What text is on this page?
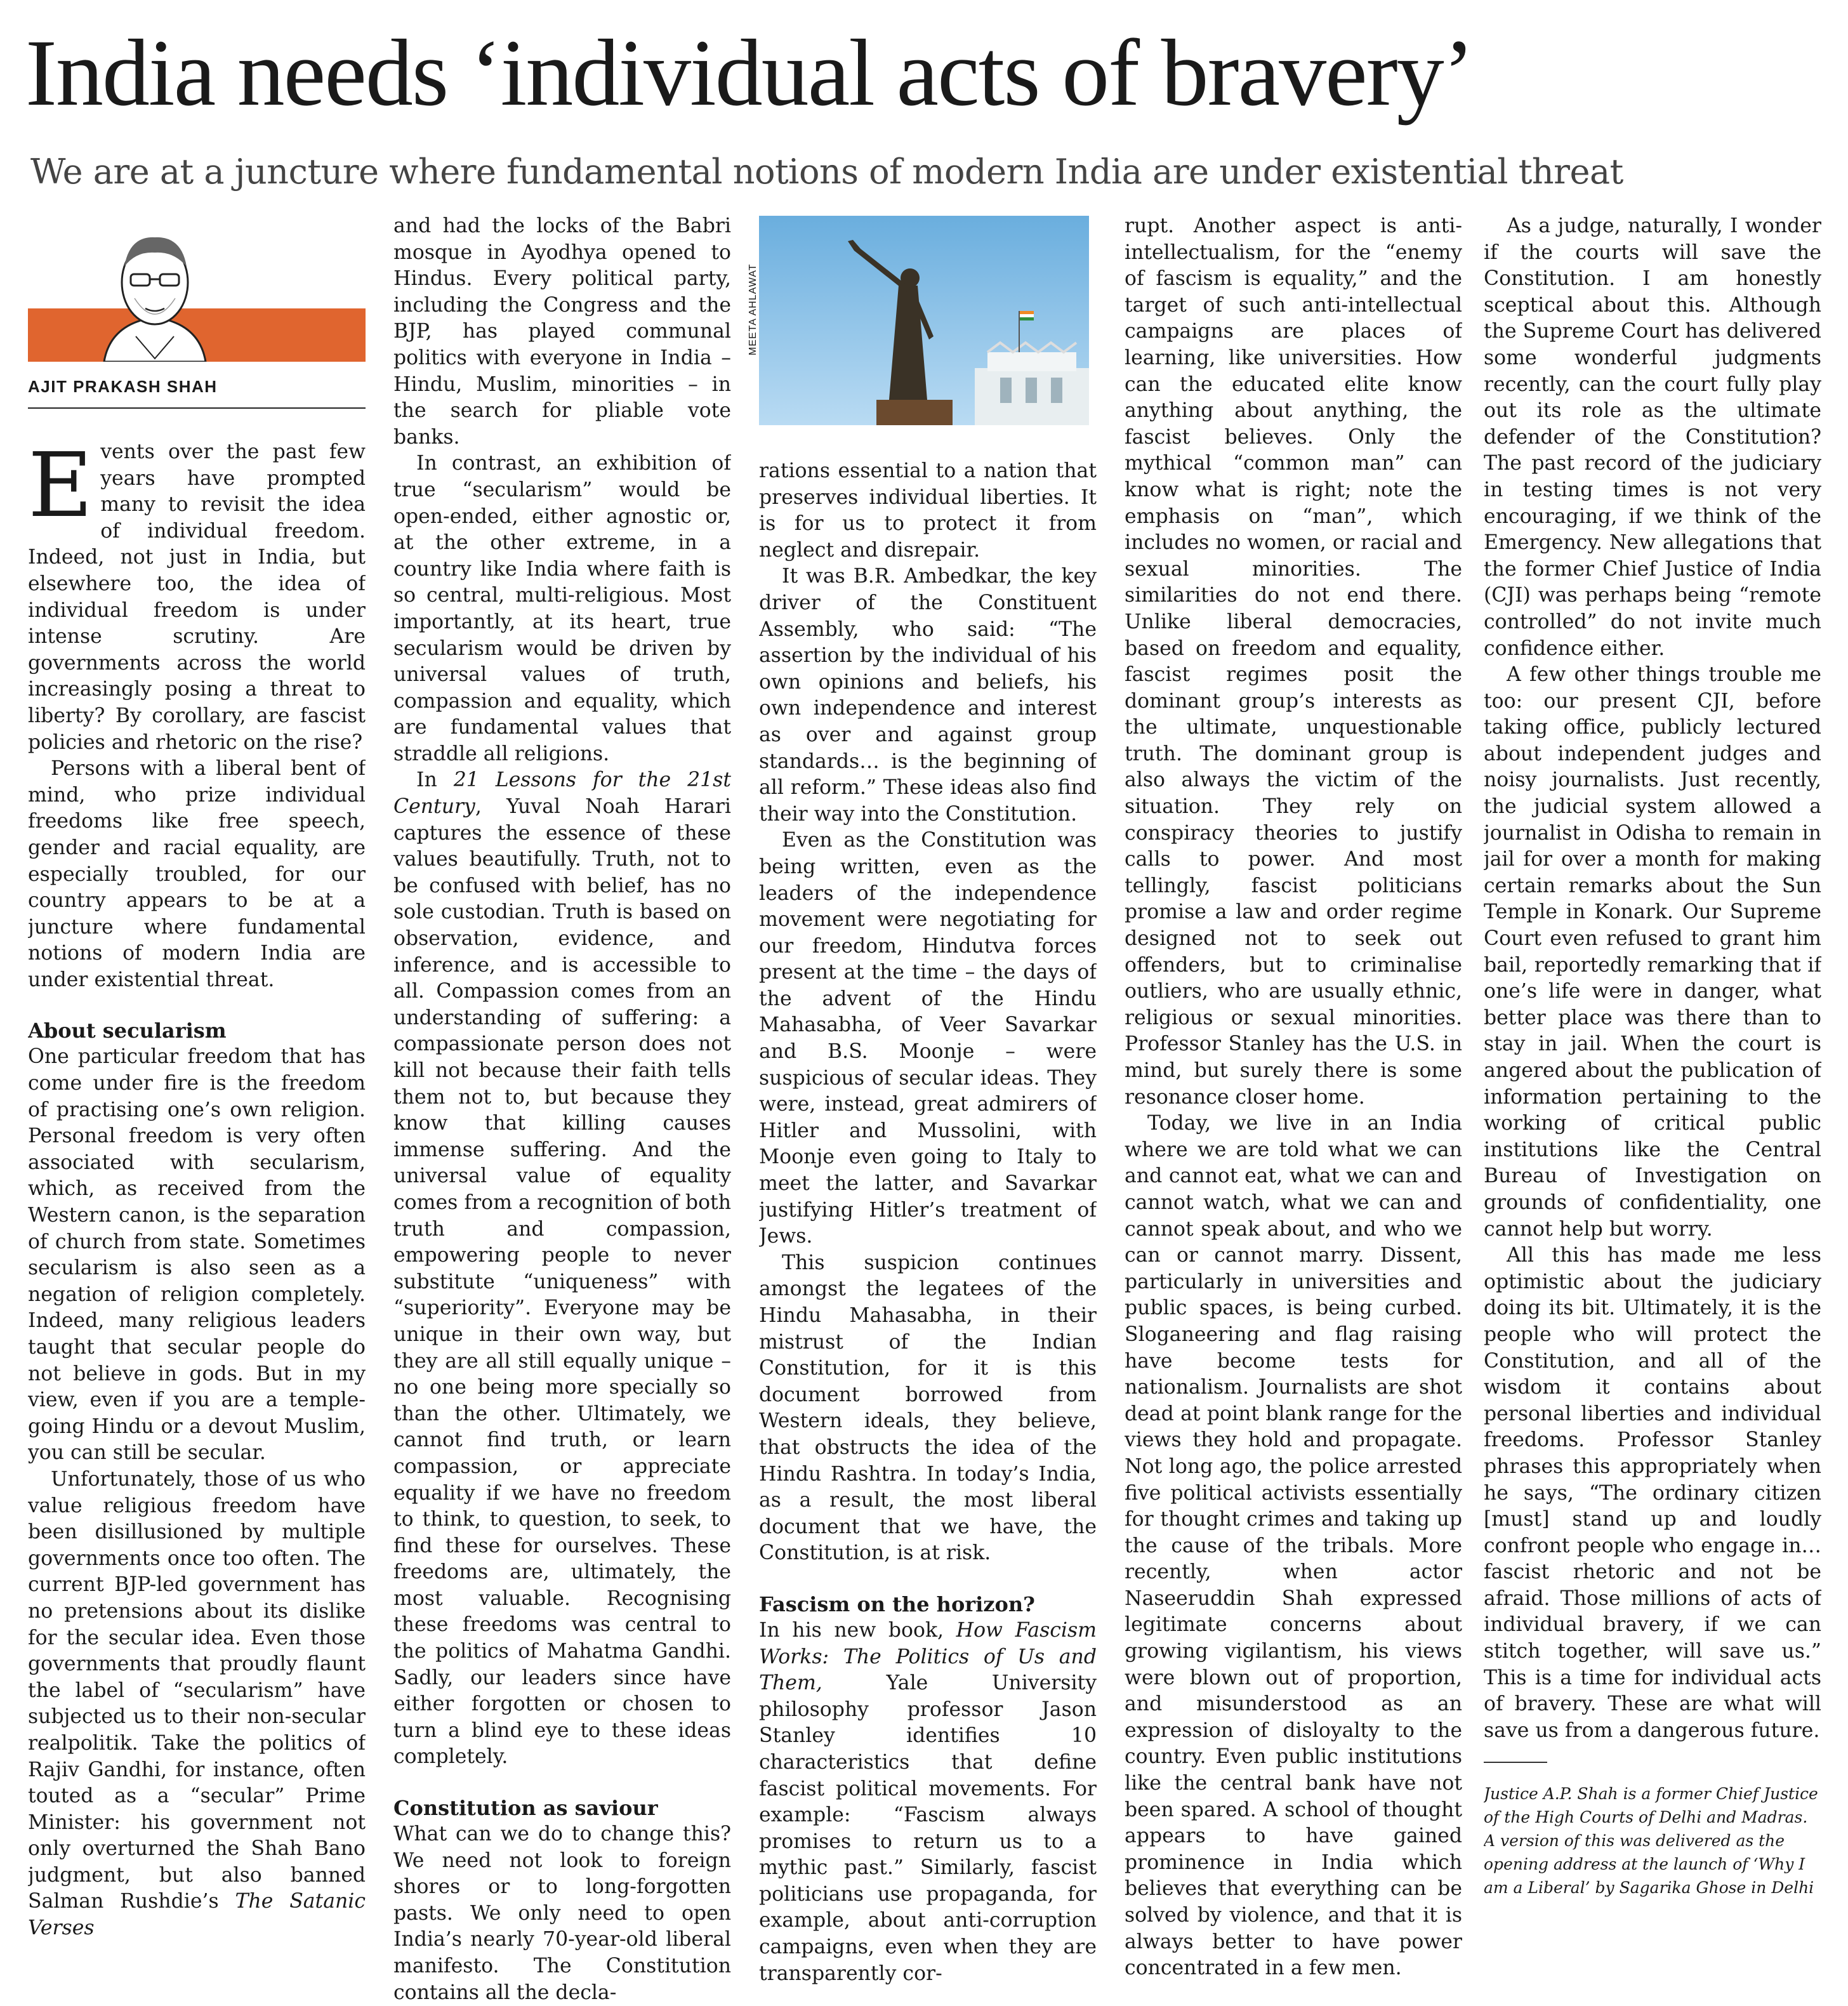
India needs ‘individual acts of bravery’

We are at a juncture where fundamental notions of modern India are under existential threat

AJIT PRAKASH SHAH

MEETA AHLAWAT

Events over the past few years have prompted many to revisit the idea of individual freedom. Indeed, not just in India, but elsewhere too, the idea of individual freedom is under intense scrutiny. Are governments across the world increasingly posing a threat to liberty? By corollary, are fascist policies and rhetoric on the rise?

Persons with a liberal bent of mind, who prize individual freedoms like free speech, gender and racial equality, are especially troubled, for our country appears to be at a juncture where fundamental notions of modern India are under existential threat.

About secularism

One particular freedom that has come under fire is the freedom of practising one’s own religion. Personal freedom is very often associated with secularism, which, as received from the Western canon, is the separation of church from state. Sometimes secularism is also seen as a negation of religion completely. Indeed, many religious leaders taught that secular people do not believe in gods. But in my view, even if you are a temple-going Hindu or a devout Muslim, you can still be secular.

Unfortunately, those of us who value religious freedom have been disillusioned by multiple governments once too often. The current BJP-led government has no pretensions about its dislike for the secular idea. Even those governments that proudly flaunt the label of “secularism” have subjected us to their non-secular realpolitik. Take the politics of Rajiv Gandhi, for instance, often touted as a “secular” Prime Minister: his government not only overturned the Shah Bano judgment, but also banned Salman Rushdie’s The Satanic Verses

and had the locks of the Babri mosque in Ayodhya opened to Hindus. Every political party, including the Congress and the BJP, has played communal politics with everyone in India – Hindu, Muslim, minorities – in the search for pliable vote banks.

In contrast, an exhibition of true “secularism” would be open-ended, either agnostic or, at the other extreme, in a country like India where faith is so central, multi-religious. Most importantly, at its heart, true secularism would be driven by universal values of truth, compassion and equality, which are fundamental values that straddle all religions.

In 21 Lessons for the 21st Century, Yuval Noah Harari captures the essence of these values beautifully. Truth, not to be confused with belief, has no sole custodian. Truth is based on observation, evidence, and inference, and is accessible to all. Compassion comes from an understanding of suffering: a compassionate person does not kill not because their faith tells them not to, but because they know that killing causes immense suffering. And the universal value of equality comes from a recognition of both truth and compassion, empowering people to never substitute “uniqueness” with “superiority”. Everyone may be unique in their own way, but they are all still equally unique – no one being more specially so than the other. Ultimately, we cannot find truth, or learn compassion, or appreciate equality if we have no freedom to think, to question, to seek, to find these for ourselves. These freedoms are, ultimately, the most valuable. Recognising these freedoms was central to the politics of Mahatma Gandhi. Sadly, our leaders since have either forgotten or chosen to turn a blind eye to these ideas completely.

Constitution as saviour

What can we do to change this? We need not look to foreign shores or to long-forgotten pasts. We only need to open India’s nearly 70-year-old liberal manifesto. The Constitution contains all the decla-

rations essential to a nation that preserves individual liberties. It is for us to protect it from neglect and disrepair.

It was B.R. Ambedkar, the key driver of the Constituent Assembly, who said: “The assertion by the individual of his own opinions and beliefs, his own independence and interest as over and against group standards… is the beginning of all reform.” These ideas also find their way into the Constitution.

Even as the Constitution was being written, even as the leaders of the independence movement were negotiating for our freedom, Hindutva forces present at the time – the days of the advent of the Hindu Mahasabha, of Veer Savarkar and B.S. Moonje – were suspicious of secular ideas. They were, instead, great admirers of Hitler and Mussolini, with Moonje even going to Italy to meet the latter, and Savarkar justifying Hitler’s treatment of Jews.

This suspicion continues amongst the legatees of the Hindu Mahasabha, in their mistrust of the Indian Constitution, for it is this document borrowed from Western ideals, they believe, that obstructs the idea of the Hindu Rashtra. In today’s India, as a result, the most liberal document that we have, the Constitution, is at risk.

Fascism on the horizon?

In his new book, How Fascism Works: The Politics of Us and Them,	Yale University philosophy professor Jason Stanley identifies 10 characteristics that define fascist political movements. For example: “Fascism always promises to return us to a mythic past.” Similarly, fascist politicians use propaganda, for example, about anti-corruption campaigns, even when they are transparently cor-

rupt. Another aspect is anti-intellectualism, for the “enemy of fascism is equality,” and the target of such anti-intellectual campaigns are places of learning, like universities. How can the educated elite know anything about anything, the fascist believes. Only the mythical “common man” can know what is right; note the emphasis on “man”, which includes no women, or racial and sexual minorities. The similarities do not end there. Unlike liberal democracies, based on freedom and equality, fascist regimes posit the dominant group’s interests as the ultimate, unquestionable truth. The dominant group is also always the victim of the situation. They rely on conspiracy theories to justify calls to power. And most tellingly, fascist politicians promise a law and order regime designed not to seek out offenders, but to criminalise outliers, who are usually ethnic, religious or sexual minorities. Professor Stanley has the U.S. in mind, but surely there is some resonance closer home.

Today, we live in an India where we are told what we can and cannot eat, what we can and cannot watch, what we can and cannot speak about, and who we can or cannot marry. Dissent, particularly in universities and public spaces, is being curbed. Sloganeering and flag raising have become tests for nationalism. Journalists are shot dead at point blank range for the views they hold and propagate. Not long ago, the police arrested five political activists essentially for thought crimes and taking up the cause of the tribals. More recently, when actor Naseeruddin Shah expressed legitimate concerns about growing vigilantism, his views were blown out of proportion, and misunderstood as an expression of disloyalty to the country. Even public institutions like the central bank have not been spared. A school of thought appears to have gained prominence in India which believes that everything can be solved by violence, and that it is always better to have power concentrated in a few men.

As a judge, naturally, I wonder if the courts will save the Constitution. I am honestly sceptical about this. Although the Supreme Court has delivered some wonderful judgments recently, can the court fully play out its role as the ultimate defender of the Constitution? The past record of the judiciary in testing times is not very encouraging, if we think of the Emergency. New allegations that the former Chief Justice of India (CJI) was perhaps being “remote controlled” do not invite much confidence either.

A few other things trouble me too: our present CJI, before taking office, publicly lectured about independent judges and noisy journalists. Just recently, the judicial system allowed a journalist in Odisha to remain in jail for over a month for making certain remarks about the Sun Temple in Konark. Our Supreme Court even refused to grant him bail, reportedly remarking that if one’s life were in danger, what better place was there than to stay in jail. When the court is angered about the publication of information pertaining to the working of critical public institutions like the Central Bureau of Investigation on grounds of confidentiality, one cannot help but worry.

All this has made me less optimistic about the judiciary doing its bit. Ultimately, it is the people who will protect the Constitution, and all of the wisdom it contains about personal liberties and individual freedoms. Professor Stanley phrases this appropriately when he says, “The ordinary citizen [must] stand up and loudly confront people who engage in… fascist rhetoric and not be afraid. Those millions of acts of individual bravery, if we can stitch together, will save us.” This is a time for individual acts of bravery. These are what will save us from a dangerous future.

Justice A.P. Shah is a former Chief Justice of the High Courts of Delhi and Madras. A version of this was delivered as the opening address at the launch of ‘Why I am a Liberal’ by Sagarika Ghose in Delhi
